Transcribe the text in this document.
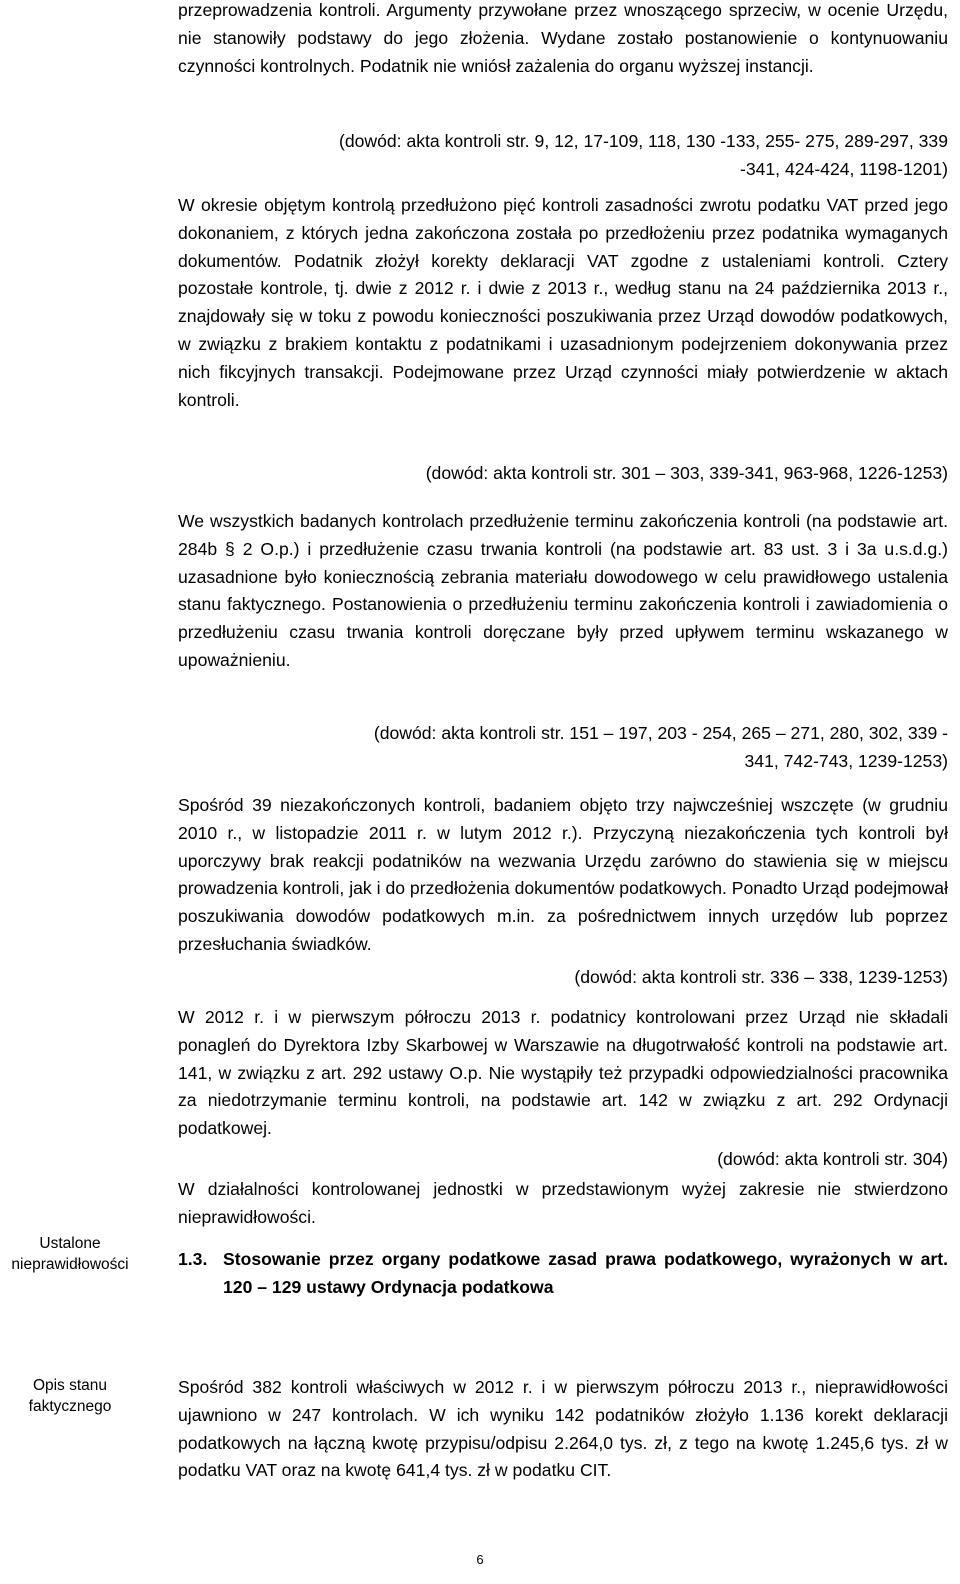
Ustalone nieprawidłowości
Opis stanu faktycznego
przeprowadzenia kontroli. Argumenty przywołane przez wnoszącego sprzeciw, w ocenie Urzędu, nie stanowiły podstawy do jego złożenia. Wydane zostało postanowienie o kontynuowaniu czynności kontrolnych. Podatnik nie wniósł zażalenia do organu wyższej instancji.
(dowód: akta kontroli str. 9, 12, 17-109, 118, 130 -133, 255- 275, 289-297, 339 -341, 424-424, 1198-1201)
W okresie objętym kontrolą przedłużono pięć kontroli zasadności zwrotu podatku VAT przed jego dokonaniem, z których jedna zakończona została po przedłożeniu przez podatnika wymaganych dokumentów. Podatnik złożył korekty deklaracji VAT zgodne z ustaleniami kontroli. Cztery pozostałe kontrole, tj. dwie z 2012 r. i dwie z 2013 r., według stanu na 24 października 2013 r., znajdowały się w toku z powodu konieczności poszukiwania przez Urząd dowodów podatkowych, w związku z brakiem kontaktu z podatnikami i uzasadnionym podejrzeniem dokonywania przez nich fikcyjnych transakcji. Podejmowane przez Urząd czynności miały potwierdzenie w aktach kontroli.
(dowód: akta kontroli str. 301 – 303, 339-341, 963-968, 1226-1253)
We wszystkich badanych kontrolach przedłużenie terminu zakończenia kontroli (na podstawie art. 284b § 2 O.p.) i przedłużenie czasu trwania kontroli (na podstawie art. 83 ust. 3 i 3a u.s.d.g.) uzasadnione było koniecznością zebrania materiału dowodowego w celu prawidłowego ustalenia stanu faktycznego. Postanowienia o przedłużeniu terminu zakończenia kontroli i zawiadomienia o przedłużeniu czasu trwania kontroli doręczane były przed upływem terminu wskazanego w upoważnieniu.
(dowód: akta kontroli str. 151 – 197, 203 - 254, 265 – 271, 280, 302, 339 - 341, 742-743, 1239-1253)
Spośród 39 niezakończonych kontroli, badaniem objęto trzy najwcześniej wszczęte (w grudniu 2010 r., w listopadzie 2011 r. w lutym 2012 r.). Przyczyną niezakończenia tych kontroli był uporczywy brak reakcji podatników na wezwania Urzędu zarówno do stawienia się w miejscu prowadzenia kontroli, jak i do przedłożenia dokumentów podatkowych. Ponadto Urząd podejmował poszukiwania dowodów podatkowych m.in. za pośrednictwem innych urzędów lub poprzez przesłuchania świadków.
(dowód: akta kontroli str. 336 – 338, 1239-1253)
W 2012 r. i w pierwszym półroczu 2013 r. podatnicy kontrolowani przez Urząd nie składali ponagleń do Dyrektora Izby Skarbowej w Warszawie na długotrwałość kontroli na podstawie art. 141, w związku z art. 292 ustawy O.p. Nie wystąpiły też przypadki odpowiedzialności pracownika za niedotrzymanie terminu kontroli, na podstawie art. 142 w związku z art. 292 Ordynacji podatkowej.
(dowód: akta kontroli str. 304)
W działalności kontrolowanej jednostki w przedstawionym wyżej zakresie nie stwierdzono nieprawidłowości.
1.3. Stosowanie przez organy podatkowe zasad prawa podatkowego, wyrażonych w art. 120 – 129 ustawy Ordynacja podatkowa
Spośród 382 kontroli właściwych w 2012 r. i w pierwszym półroczu 2013 r., nieprawidłowości ujawniono w 247 kontrolach. W ich wyniku 142 podatników złożyło 1.136 korekt deklaracji podatkowych na łączną kwotę przypisu/odpisu 2.264,0 tys. zł, z tego na kwotę 1.245,6 tys. zł w podatku VAT oraz na kwotę 641,4 tys. zł w podatku CIT.
6
